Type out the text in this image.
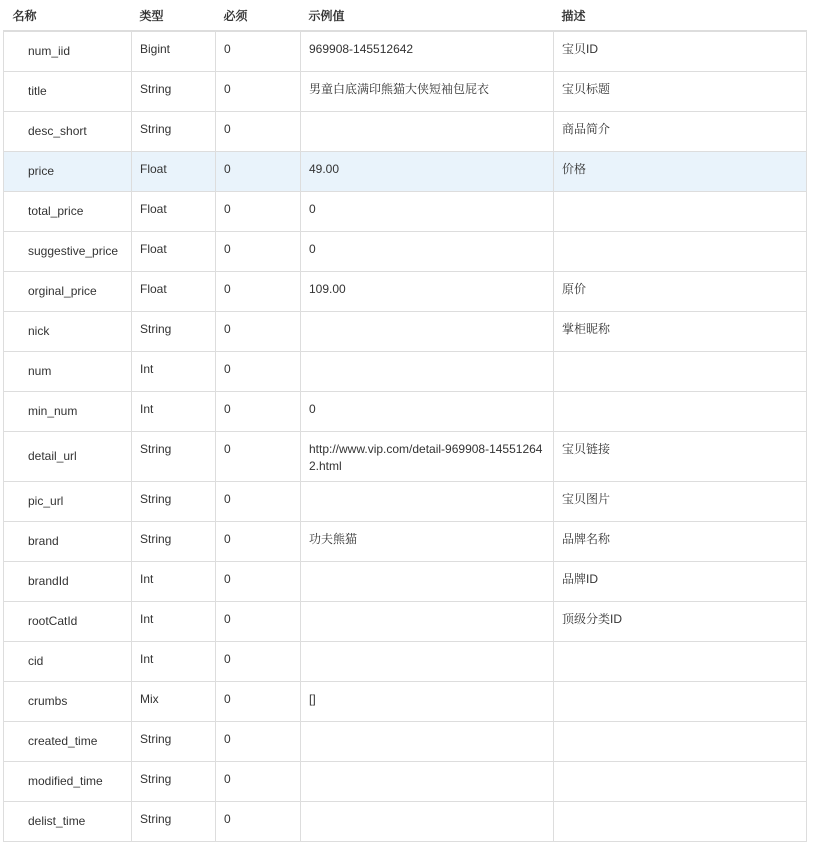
名称	类型	必须	示例值	描述
num_iid	Bigint	0	969908-145512642	宝贝ID
title	String	0	男童白底满印熊猫大侠短袖包屁衣	宝贝标题
desc_short	String	0		商品简介
price	Float	0	49.00	价格
total_price	Float	0	0	
suggestive_price	Float	0	0	
orginal_price	Float	0	109.00	原价
nick	String	0		掌柜昵称
num	Int	0		
min_num	Int	0	0	
detail_url	String	0	http://www.vip.com/detail-969908-145512642.html	宝贝链接
pic_url	String	0		宝贝图片
brand	String	0	功夫熊猫	品牌名称
brandId	Int	0		品牌ID
rootCatId	Int	0		顶级分类ID
cid	Int	0		
crumbs	Mix	0	[]	
created_time	String	0		
modified_time	String	0		
delist_time	String	0		
